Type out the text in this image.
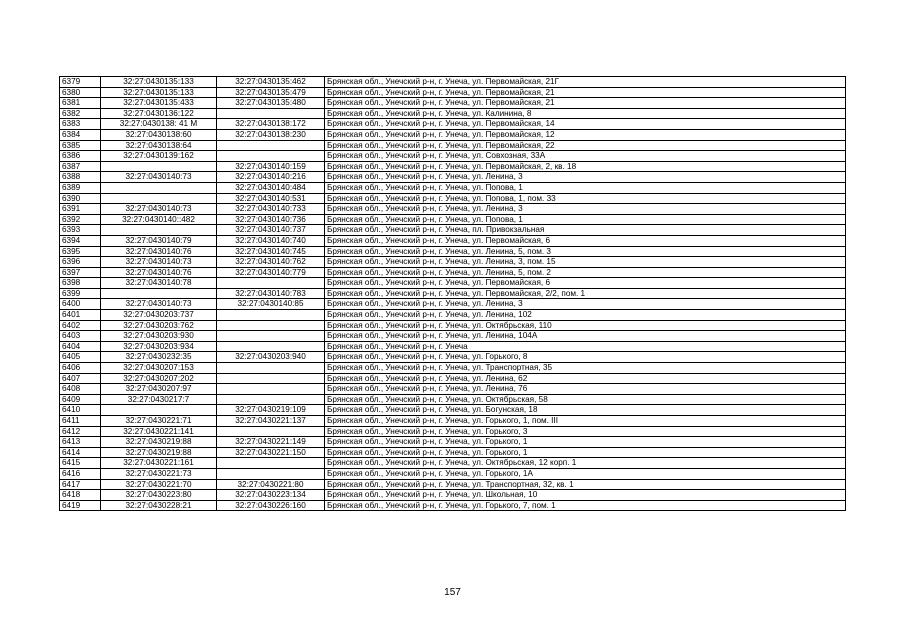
6379	32:27:0430135:133	32:27:0430135:462	Брянская обл., Унечский р-н, г. Унеча, ул. Первомайская, 21Г
6380	32:27:0430135:133	32:27:0430135:479	Брянская обл., Унечский р-н, г. Унеча, ул. Первомайская, 21
6381	32:27:0430135:433	32:27:0430135:480	Брянская обл., Унечский р-н, г. Унеча, ул. Первомайская, 21
6382	32:27:0430136:122		Брянская обл., Унечский р-н, г. Унеча, ул. Калинина, 8
6383	32:27:0430138: 41 М	32:27:0430138:172	Брянская обл., Унечский р-н, г. Унеча, ул. Первомайская, 14
6384	32:27:0430138:60	32:27:0430138:230	Брянская обл., Унечский р-н, г. Унеча, ул. Первомайская, 12
6385	32:27:0430138:64		Брянская обл., Унечский р-н, г. Унеча, ул. Первомайская, 22
6386	32:27:0430139:162		Брянская обл., Унечский р-н, г. Унеча, ул. Совхозная, 33А
6387		32:27:0430140:159	Брянская обл., Унечский р-н, г. Унеча, ул. Первомайская, 2, кв. 18
6388	32:27:0430140:73	32:27:0430140:216	Брянская обл., Унечский р-н, г. Унеча, ул. Ленина, 3
6389		32:27:0430140:484	Брянская обл., Унечский р-н, г. Унеча, ул. Попова, 1
6390		32:27:0430140:531	Брянская обл., Унечский р-н, г. Унеча, ул. Попова, 1, пом. 33
6391	32:27:0430140:73	32:27:0430140:733	Брянская обл., Унечский р-н, г. Унеча, ул. Ленина, 3
6392	32:27:0430140::482	32:27:0430140:736	Брянская обл., Унечский р-н, г. Унеча, ул. Попова, 1
6393		32:27:0430140:737	Брянская обл., Унечский р-н, г. Унеча, пл. Привокзальная
6394	32:27:0430140:79	32:27:0430140:740	Брянская обл., Унечский р-н, г. Унеча, ул. Первомайская, 6
6395	32:27:0430140:76	32:27:0430140:745	Брянская обл., Унечский р-н, г. Унеча, ул. Ленина, 5, пом. 3
6396	32:27:0430140:73	32:27:0430140:762	Брянская обл., Унечский р-н, г. Унеча, ул. Ленина, 3, пом. 15
6397	32:27:0430140:76	32:27:0430140:779	Брянская обл., Унечский р-н, г. Унеча, ул. Ленина, 5, пом. 2
6398	32:27:0430140:78		Брянская обл., Унечский р-н, г. Унеча, ул. Первомайская, 6
6399		32:27:0430140:783	Брянская обл., Унечский р-н, г. Унеча, ул. Первомайская, 2/2, пом. 1
6400	32:27:0430140:73	32:27:0430140:85	Брянская обл., Унечский р-н, г. Унеча, ул. Ленина, 3
6401	32:27:0430203:737		Брянская обл., Унечский р-н, г. Унеча, ул. Ленина, 102
6402	32:27:0430203:762		Брянская обл., Унечский р-н, г. Унеча, ул. Октябрьская, 110
6403	32:27:0430203:930		Брянская обл., Унечский р-н, г. Унеча, ул. Ленина, 104А
6404	32:27:0430203:934		Брянская обл., Унечский р-н, г. Унеча
6405	32:27:0430232:35	32:27:0430203:940	Брянская обл., Унечский р-н, г. Унеча, ул. Горького, 8
6406	32:27:0430207:153		Брянская обл., Унечский р-н, г. Унеча, ул. Транспортная, 35
6407	32:27:0430207:202		Брянская обл., Унечский р-н, г. Унеча, ул. Ленина, 62
6408	32:27:0430207:97		Брянская обл., Унечский р-н, г. Унеча, ул. Ленина, 76
6409	32:27:0430217:7		Брянская обл., Унечский р-н, г. Унеча, ул. Октябрьская, 58
6410		32:27:0430219:109	Брянская обл., Унечский р-н, г. Унеча, ул. Богунская, 18
6411	32:27:0430221:71	32:27:0430221:137	Брянская обл., Унечский р-н, г. Унеча, ул. Горького, 1, пом. III
6412	32:27:0430221:141		Брянская обл., Унечский р-н, г. Унеча, ул. Горького, 3
6413	32:27:0430219:88	32:27:0430221:149	Брянская обл., Унечский р-н, г. Унеча, ул. Горького, 1
6414	32:27:0430219:88	32:27:0430221:150	Брянская обл., Унечский р-н, г. Унеча, ул. Горького, 1
6415	32:27:0430221:161		Брянская обл., Унечский р-н, г. Унеча, ул. Октябрьская, 12 корп. 1
6416	32:27:0430221:73		Брянская обл., Унечский р-н, г. Унеча, ул. Горького, 1А
6417	32:27:0430221:70	32:27:0430221:80	Брянская обл., Унечский р-н, г. Унеча, ул. Транспортная, 32, кв. 1
6418	32:27:0430223:80	32:27:0430223:134	Брянская обл., Унечский р-н, г. Унеча, ул. Школьная, 10
6419	32:27:0430228:21	32:27:0430226:160	Брянская обл., Унечский р-н, г. Унеча, ул. Горького, 7, пом. 1
157
